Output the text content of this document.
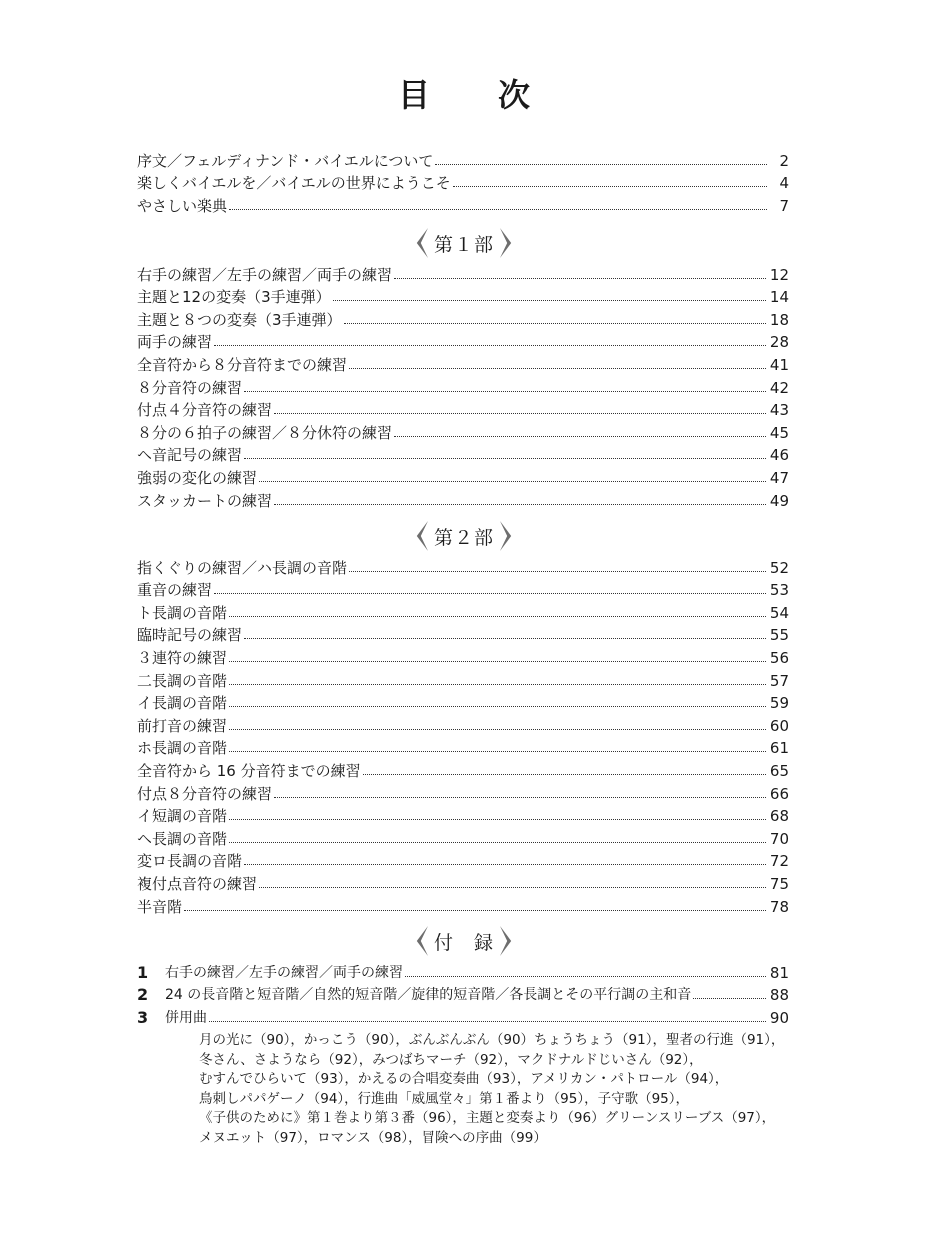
目　次
序文／フェルディナンド・バイエルについて	2
楽しくバイエルを／バイエルの世界にようこそ	4
やさしい楽典	7
第１部
右手の練習／左手の練習／両手の練習	12
主題と12の変奏（3手連弾）	14
主題と８つの変奏（3手連弾）	18
両手の練習	28
全音符から８分音符までの練習	41
８分音符の練習	42
付点４分音符の練習	43
８分の６拍子の練習／８分休符の練習	45
ヘ音記号の練習	46
強弱の変化の練習	47
スタッカートの練習	49
第２部
指くぐりの練習／ハ長調の音階	52
重音の練習	53
ト長調の音階	54
臨時記号の練習	55
３連符の練習	56
二長調の音階	57
イ長調の音階	59
前打音の練習	60
ホ長調の音階	61
全音符から 16 分音符までの練習	65
付点８分音符の練習	66
イ短調の音階	68
ヘ長調の音階	70
変ロ長調の音階	72
複付点音符の練習	75
半音階	78
付　録
1	右手の練習／左手の練習／両手の練習	81
2	24 の長音階と短音階／自然的短音階／旋律的短音階／各長調とその平行調の主和音	88
3	併用曲	90
月の光に（90），かっこう（90），ぶんぶんぶん（90）ちょうちょう（91），聖者の行進（91），
冬さん、さようなら（92），みつばちマーチ（92），マクドナルドじいさん（92），
むすんでひらいて（93），かえるの合唱変奏曲（93），アメリカン・パトロール（94），
鳥刺しパパゲーノ（94），行進曲「威風堂々」第１番より（95），子守歌（95），
《子供のために》第１巻より第３番（96），主題と変奏より（96）グリーンスリーブス（97），
メヌエット（97），ロマンス（98），冒険への序曲（99）
